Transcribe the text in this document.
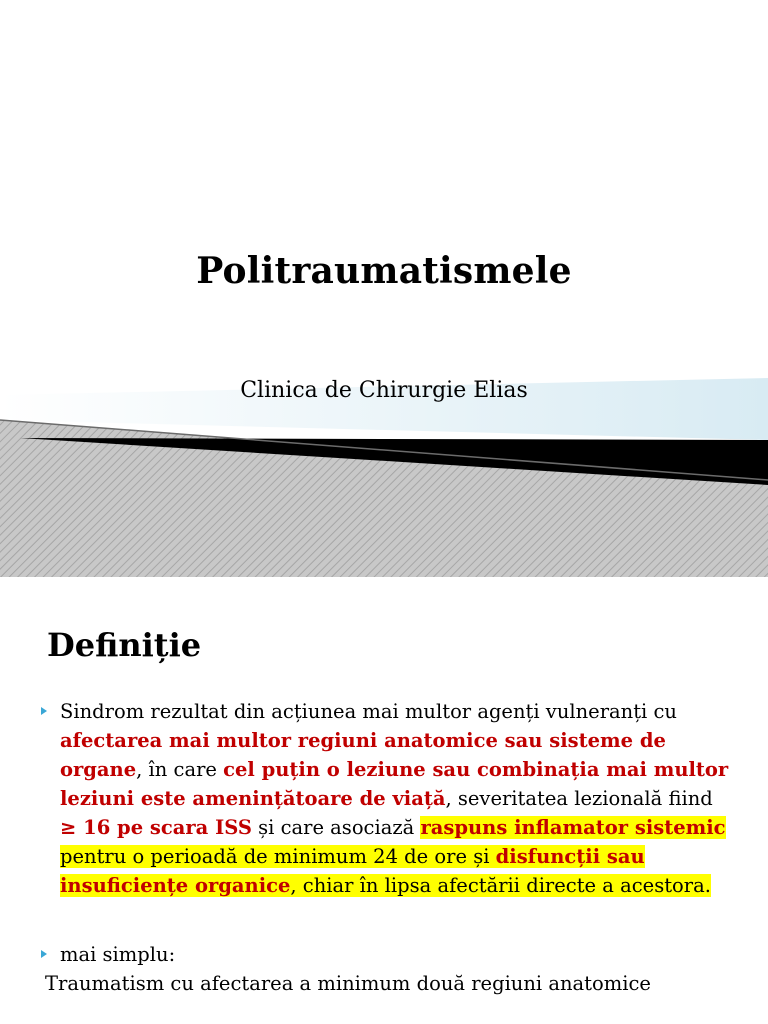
Politraumatismele
Clinica de Chirurgie Elias
Definiție
Sindrom rezultat din acțiunea mai multor agenți vulneranți cu
afectarea mai multor regiuni anatomice sau sisteme de
organe, în care cel puțin o leziune sau combinația mai multor
leziuni este amenințătoare de viață, severitatea lezională fiind
≥ 16 pe scara ISS și care asociază raspuns inflamator sistemic
pentru o perioadă de minimum 24 de ore și disfuncții sau
insuficiențe organice, chiar în lipsa afectării directe a acestora.
mai simplu:
Traumatism cu afectarea a minimum două regiuni anatomice
